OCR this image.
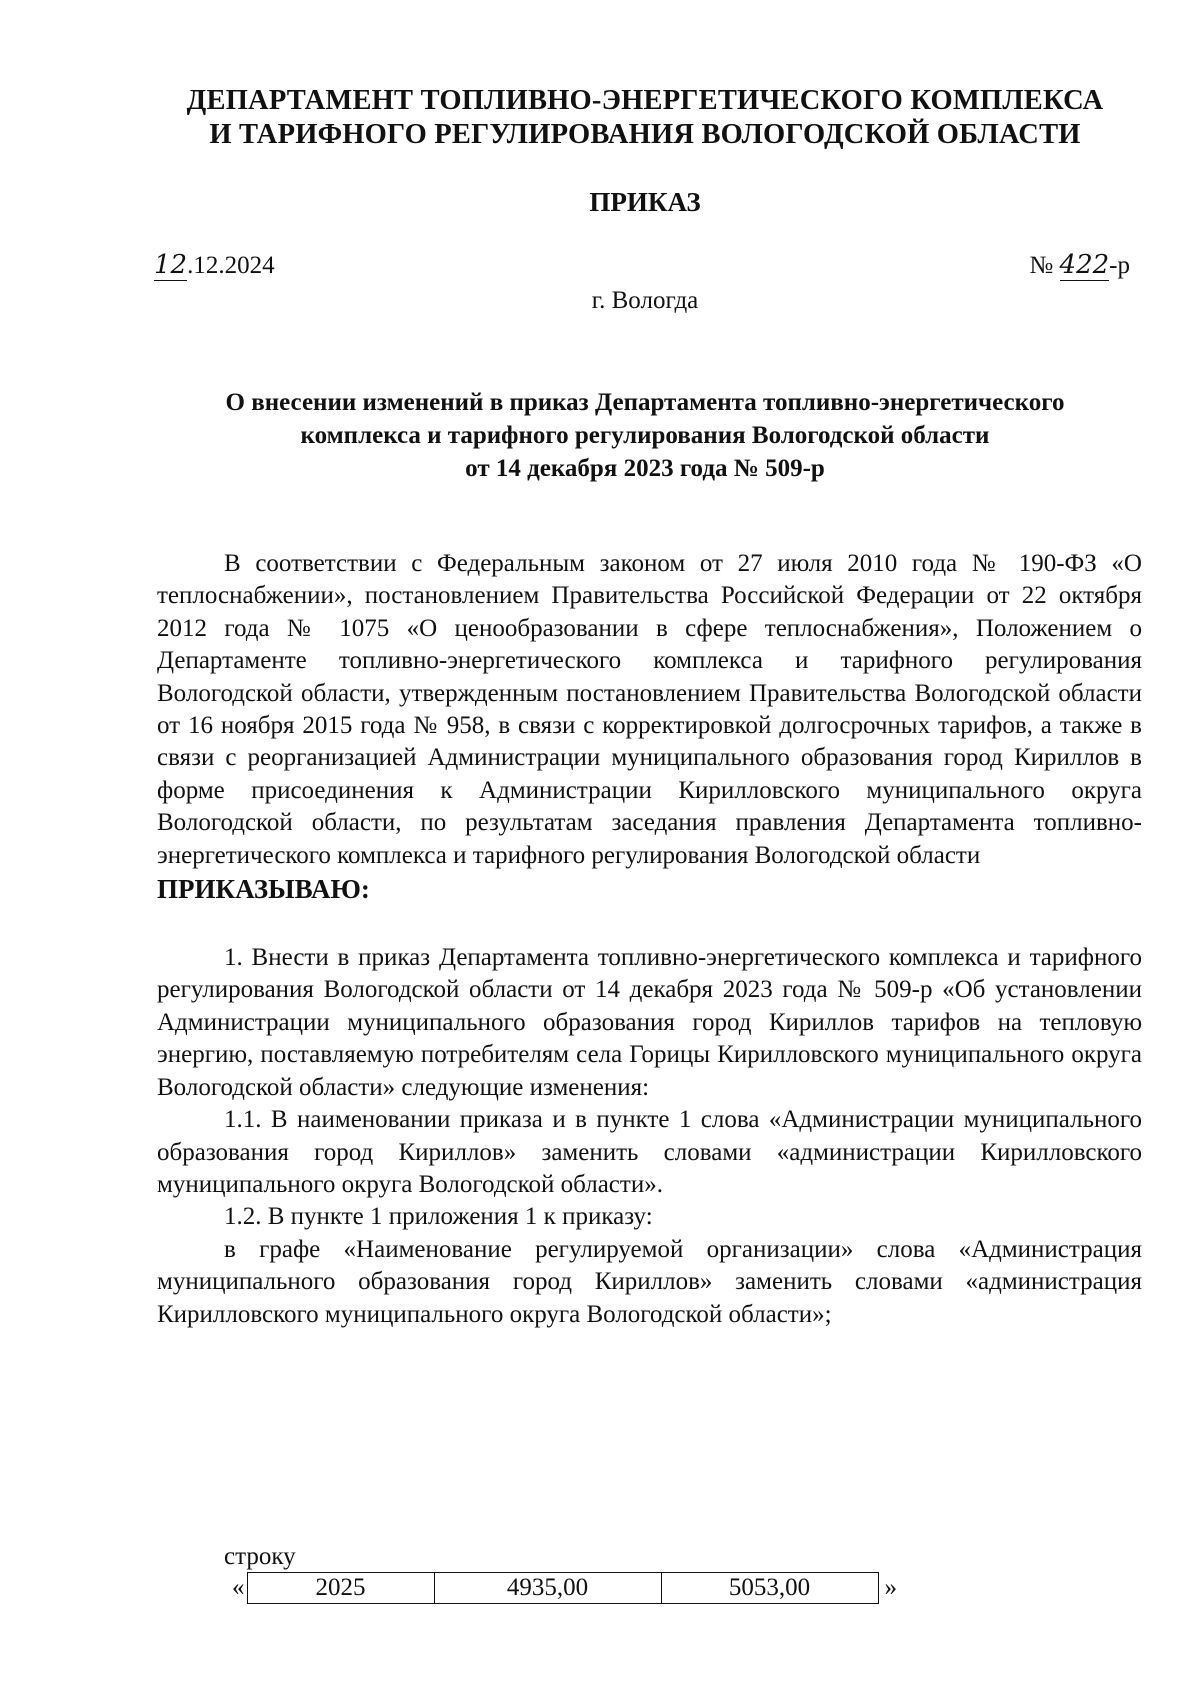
ДЕПАРТАМЕНТ ТОПЛИВНО-ЭНЕРГЕТИЧЕСКОГО КОМПЛЕКСА
И ТАРИФНОГО РЕГУЛИРОВАНИЯ ВОЛОГОДСКОЙ ОБЛАСТИ
ПРИКАЗ
12.12.2024	№ 422-р
г. Вологда
О внесении изменений в приказ Департамента топливно-энергетического
комплекса и тарифного регулирования Вологодской области
от 14 декабря 2023 года № 509-р

В соответствии с Федеральным законом от 27 июля 2010 года № 190-ФЗ «О теплоснабжении», постановлением Правительства Российской Федерации от 22 октября 2012 года № 1075 «О ценообразовании в сфере теплоснабжения», Положением о Департаменте топливно-энергетического комплекса и тарифного регулирования Вологодской области, утвержденным постановлением Правительства Вологодской области от 16 ноября 2015 года № 958, в связи с корректировкой долгосрочных тарифов, а также в связи с реорганизацией Администрации муниципального образования город Кириллов в форме присоединения к Администрации Кирилловского муниципального округа Вологодской области, по результатам заседания правления Департамента топливно-энергетического комплекса и тарифного регулирования Вологодской области

ПРИКАЗЫВАЮ:

1. Внести в приказ Департамента топливно-энергетического комплекса и тарифного регулирования Вологодской области от 14 декабря 2023 года № 509-р «Об установлении Администрации муниципального образования город Кириллов тарифов на тепловую энергию, поставляемую потребителям села Горицы Кирилловского муниципального округа Вологодской области» следующие изменения:

1.1. В наименовании приказа и в пункте 1 слова «Администрации муниципального образования город Кириллов» заменить словами «администрации Кирилловского муниципального округа Вологодской области».

1.2. В пункте 1 приложения 1 к приказу:

в графе «Наименование регулируемой организации» слова «Администрация муниципального образования город Кириллов» заменить словами «администрация Кирилловского муниципального округа Вологодской области»;

строку
«	2025	4935,00	5053,00	»
